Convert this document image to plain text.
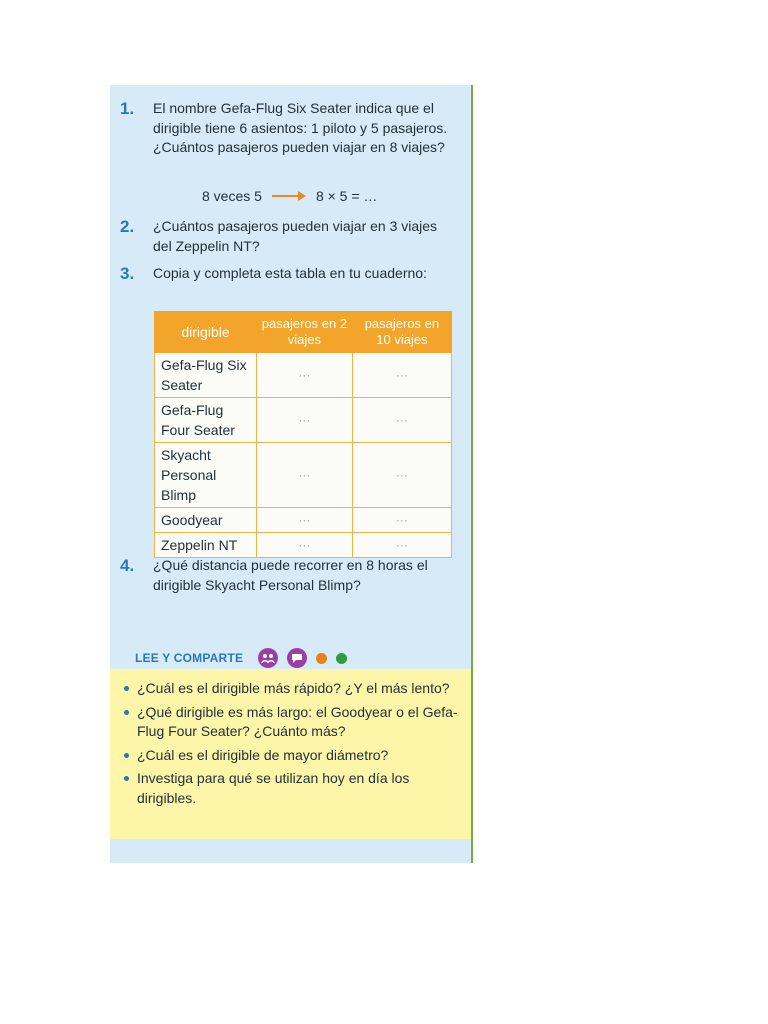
1. El nombre Gefa-Flug Six Seater indica que el dirigible tiene 6 asientos: 1 piloto y 5 pasajeros. ¿Cuántos pasajeros pueden viajar en 8 viajes?
8 veces 5	8 × 5 = …
2. ¿Cuántos pasajeros pueden viajar en 3 viajes del Zeppelin NT?
3. Copia y completa esta tabla en tu cuaderno:
dirigible	pasajeros en 2 viajes	pasajeros en 10 viajes
Gefa-Flug Six Seater	···	···
Gefa-Flug Four Seater	···	···
Skyacht Personal Blimp	···	···
Goodyear	···	···
Zeppelin NT	···	···
4. ¿Qué distancia puede recorrer en 8 horas el dirigible Skyacht Personal Blimp?
LEE Y COMPARTE
¿Cuál es el dirigible más rápido? ¿Y el más lento?
¿Qué dirigible es más largo: el Goodyear o el Gefa-Flug Four Seater? ¿Cuánto más?
¿Cuál es el dirigible de mayor diámetro?
Investiga para qué se utilizan hoy en día los dirigibles.
